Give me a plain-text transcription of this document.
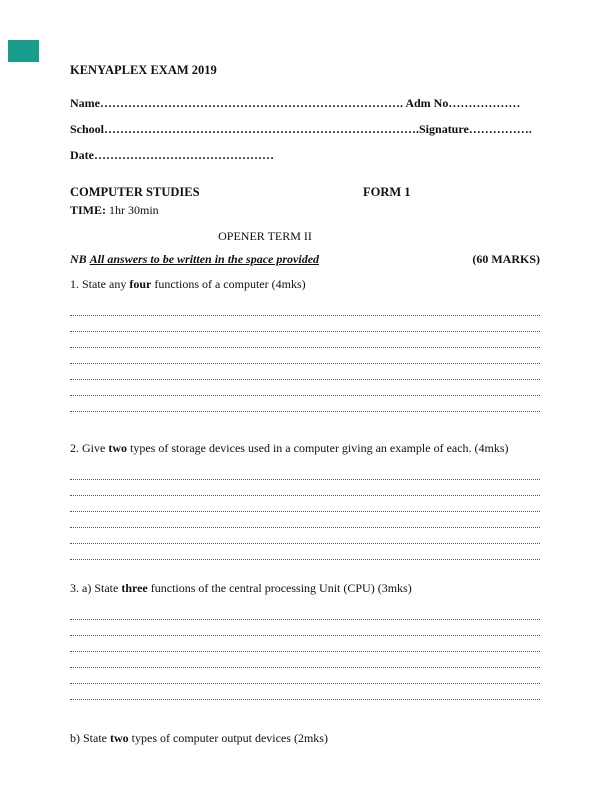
KENYAPLEX EXAM 2019
Name…………………………………………………………………. Adm No………………
School…………………………………………………………………….Signature…………….
Date………………………………………
COMPUTER STUDIES	FORM 1
TIME: 1hr 30min
OPENER TERM II
NB All answers to be written in the space provided	(60 MARKS)
1. State any four functions of a computer (4mks)
2. Give two types of storage devices used in a computer giving an example of each. (4mks)
3. a) State three functions of the central processing Unit (CPU) (3mks)
b) State two types of computer output devices (2mks)
